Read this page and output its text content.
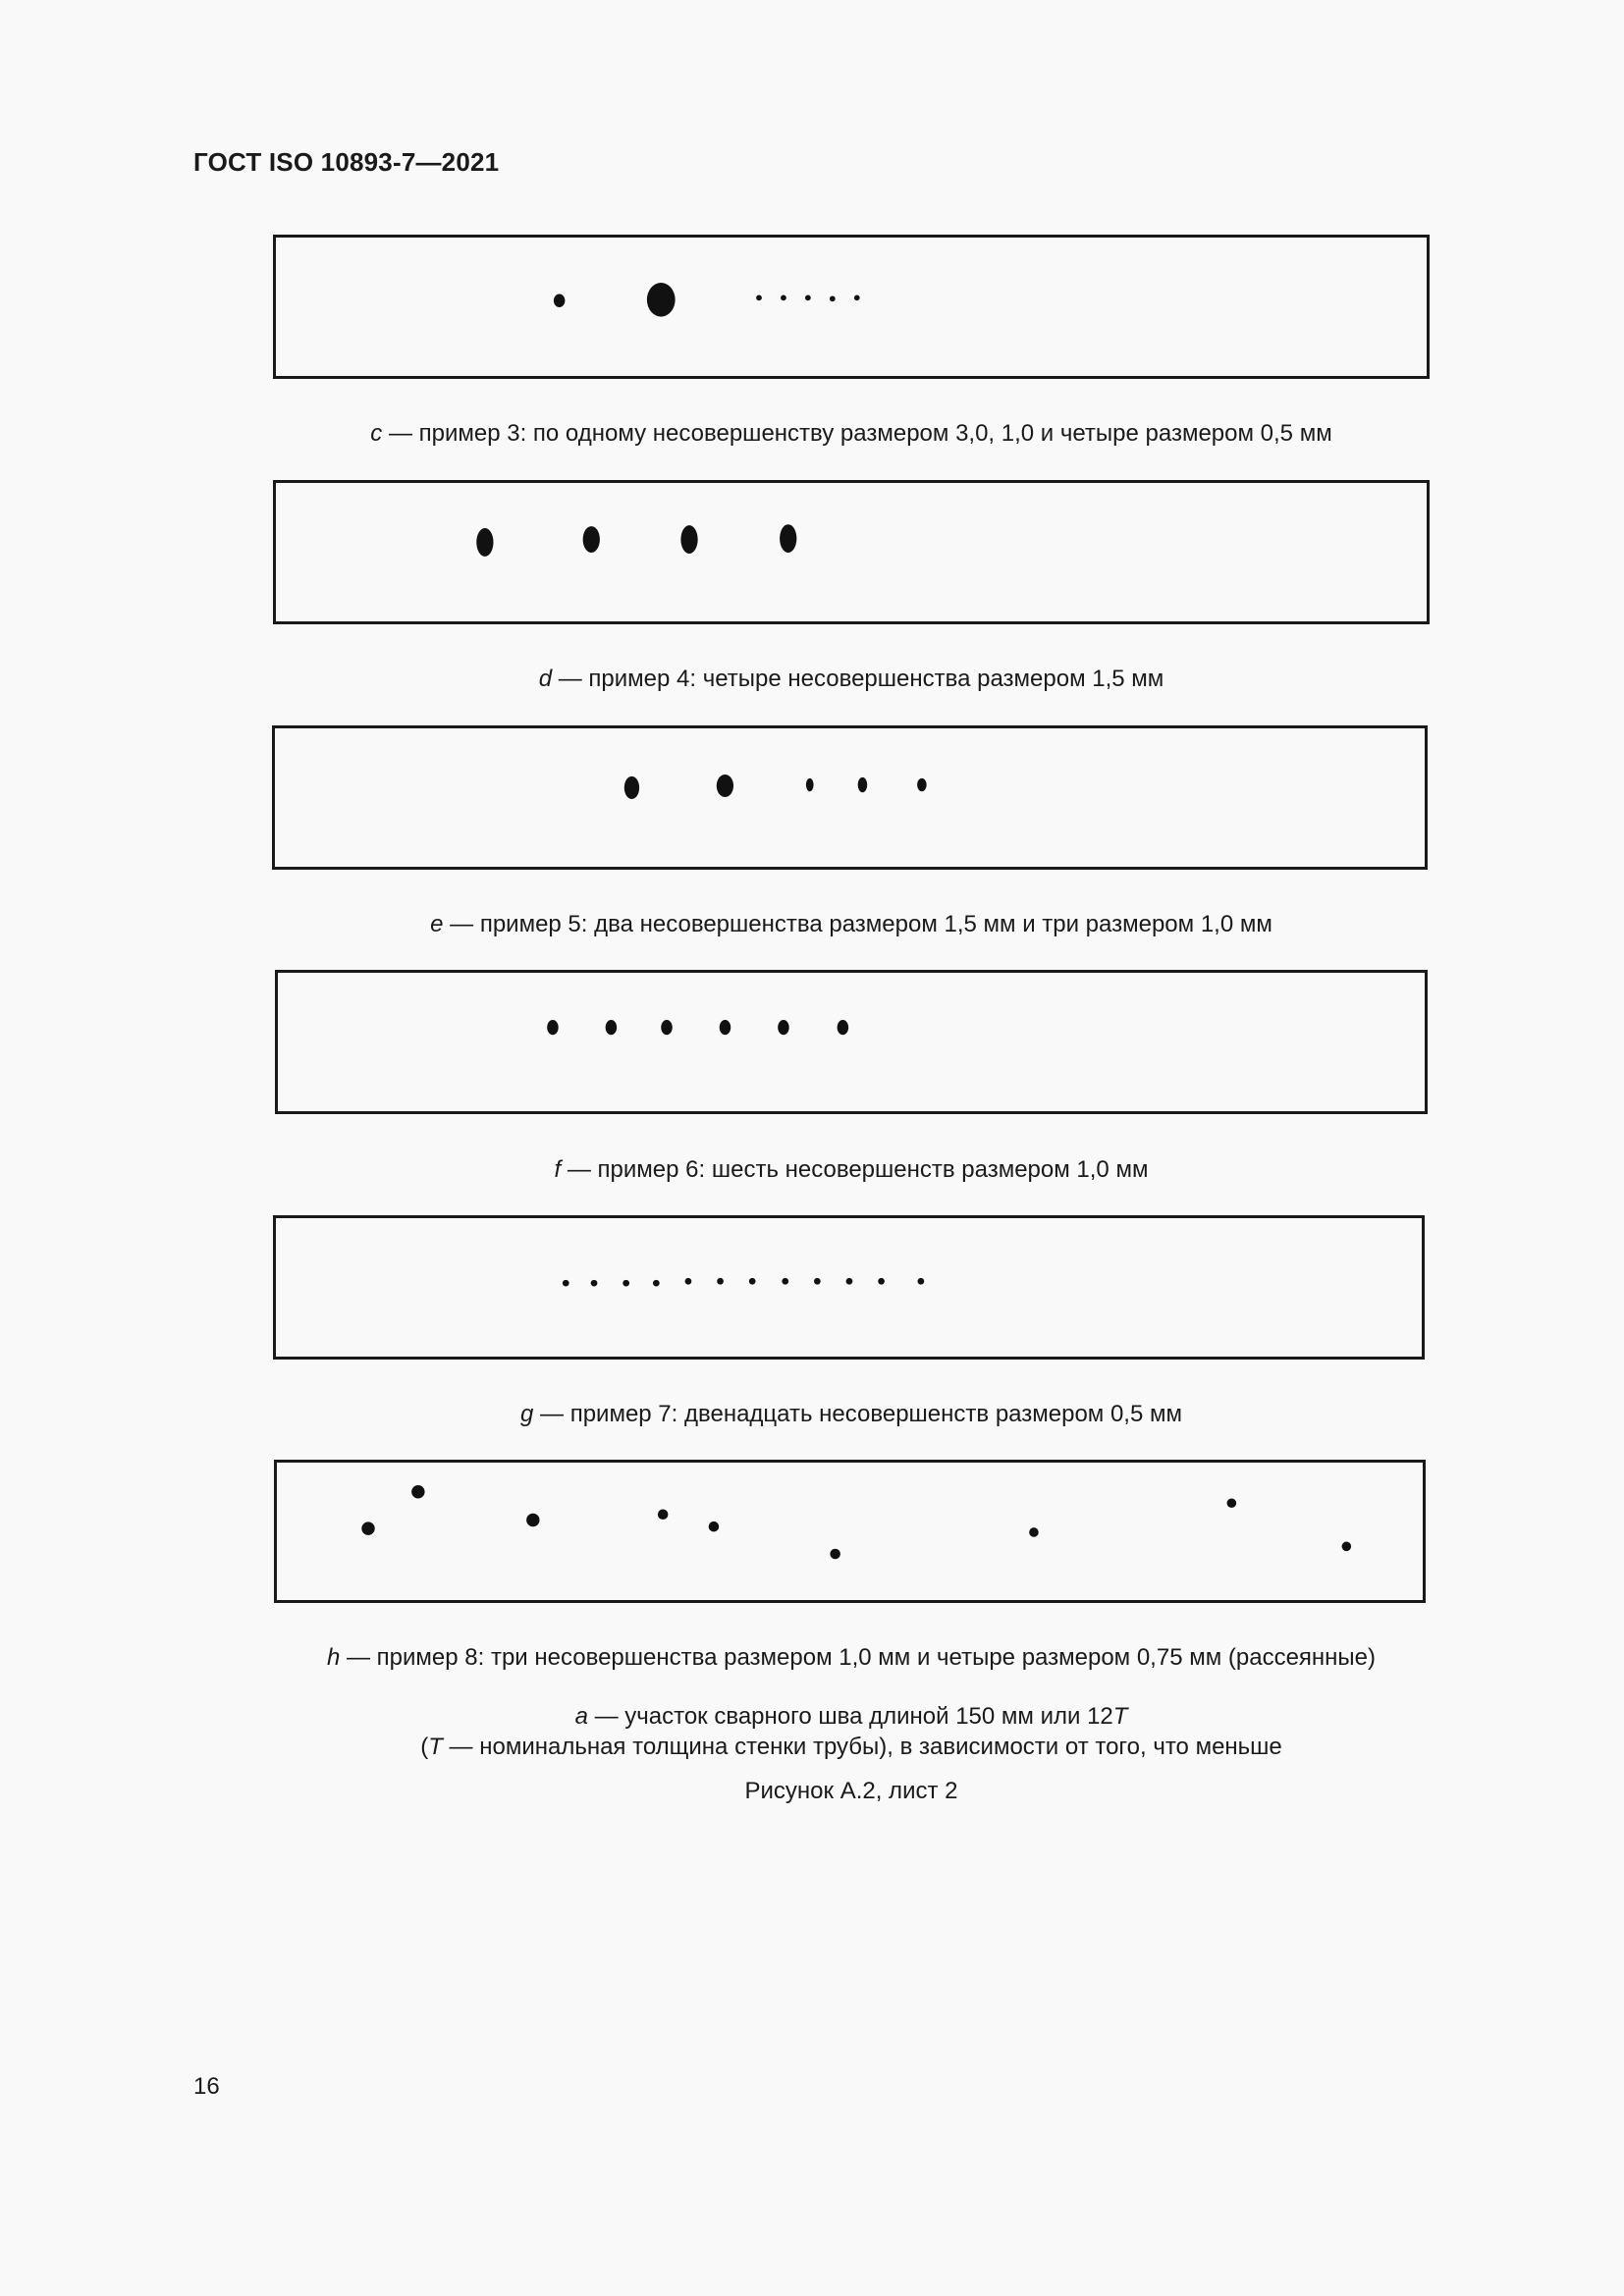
ГОСТ ISO 10893-7—2021
c — пример 3: по одному несовершенству размером 3,0, 1,0 и четыре размером 0,5 мм
d — пример 4: четыре несовершенства размером 1,5 мм
e — пример 5: два несовершенства размером 1,5 мм и три размером 1,0 мм
f — пример 6: шесть несовершенств размером 1,0 мм
g — пример 7: двенадцать несовершенств размером 0,5 мм
h — пример 8: три несовершенства размером 1,0 мм и четыре размером 0,75 мм (рассеянные)
a — участок сварного шва длиной 150 мм или 12T
(T — номинальная толщина стенки трубы), в зависимости от того, что меньше
Рисунок А.2, лист 2
16
